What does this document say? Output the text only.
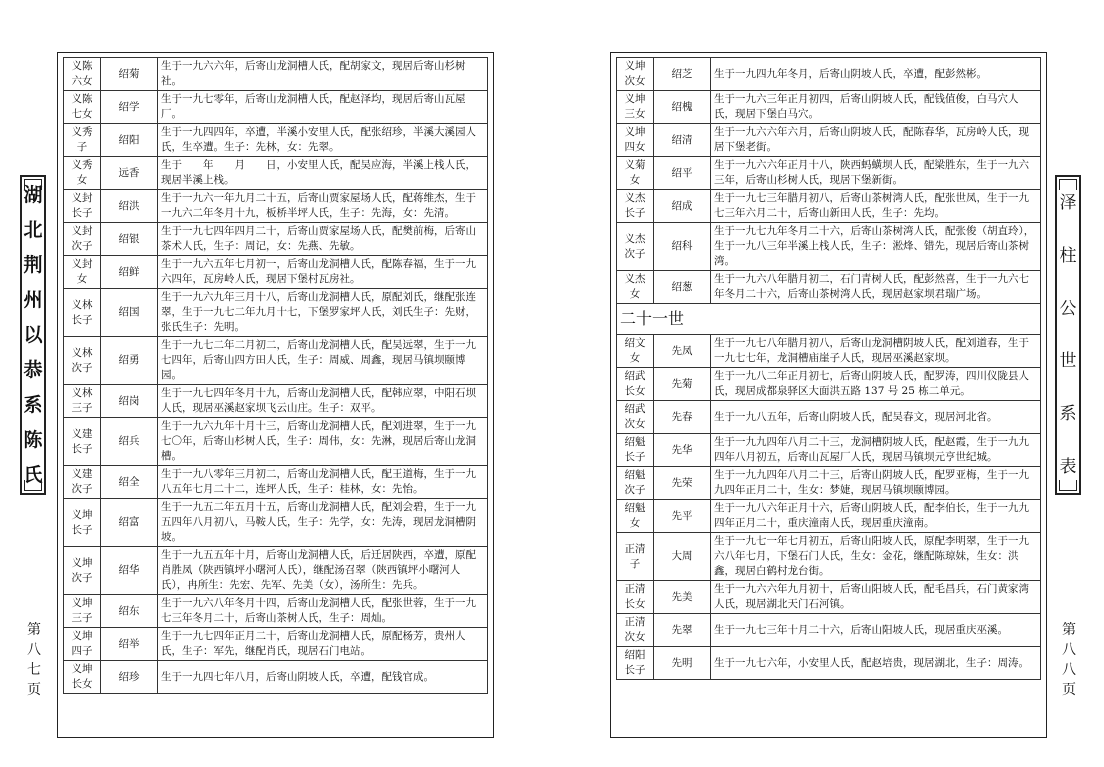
湖
北
荆
州
以
恭
系
陈
氏
泽
柱
公
世
系
表
第
八
七
页
第
八
八
页
义陈六女	绍菊	生于一九六六年，后寄山龙洞槽人氏，配胡家文，现居后寄山杉树社。
义陈七女	绍学	生于一九七零年，后寄山龙洞槽人氏，配赵泽均，现居后寄山瓦屋厂。
义秀子	绍阳	生于一九四四年，卒遭，半溪小安里人氏，配张绍珍，半溪大溪园人氏，生卒遭。生子：先林，女：先翠。
义秀女	远香	生于　　年　　月　　日，小安里人氏，配吴应海，半溪上栈人氏，现居半溪上栈。
义封长子	绍洪	生于一九六一年九月二十五，后寄山贾家屋场人氏，配蒋维杰，生于一九六二年冬月十九，板桥半坪人氏，生子：先海，女：先清。
义封次子	绍银	生于一九七四年四月二十，后寄山贾家屋场人氏，配樊前梅，后寄山茶术人氏，生子：周记，女：先燕、先敏。
义封女	绍鲜	生于一九六五年七月初一，后寄山龙洞槽人氏，配陈春福，生于一九六四年，瓦房岭人氏，现居下堡村瓦房社。
义林长子	绍国	生于一九六九年三月十八，后寄山龙洞槽人氏，原配刘氏，继配张连翠，生于一九七二年九月十七，下堡罗家坪人氏，刘氏生子：先财，张氏生子：先明。
义林次子	绍勇	生于一九七二年二月初二，后寄山龙洞槽人氏，配吴远翠，生于一九七四年，后寄山四方田人氏，生子：周威、周鑫，现居马镇坝颐博园。
义林三子	绍岗	生于一九七四年冬月十九，后寄山龙洞槽人氏，配韩应翠，中阳石坝人氏，现居巫溪赵家坝飞云山庄。生子：双平。
义建长子	绍兵	生于一九六九年十月十三，后寄山龙洞槽人氏，配刘进翠，生于一九七〇年，后寄山杉树人氏，生子：周伟，女：先淋，现居后寄山龙洞槽。
义建次子	绍全	生于一九八零年三月初二，后寄山龙洞槽人氏，配王道梅，生于一九八五年七月二十二，连坪人氏，生子：桂林，女：先怡。
义坤长子	绍富	生于一九五二年五月十五，后寄山龙洞槽人氏，配刘会碧，生于一九五四年八月初八，马鞍人氏，生子：先学，女：先涛，现居龙洞槽阴坡。
义坤次子	绍华	生于一九五五年十月，后寄山龙洞槽人氏，后迁居陕西，卒遭，原配肖胜凤（陕西镇坪小曙河人氏），继配汤召翠（陕西镇坪小曙河人氏），冉所生：先宏、先军、先美（女），汤所生：先兵。
义坤三子	绍东	生于一九六八年冬月十四，后寄山龙洞槽人氏，配张世蓉，生于一九七三年冬月二十，后寄山茶树人氏，生子：周灿。
义坤四子	绍举	生于一九七四年正月二十，后寄山龙洞槽人氏，原配杨芳，贵州人氏，生子：军先，继配肖氏，现居石门电站。
义坤长女	绍珍	生于一九四七年八月，后寄山阴坡人氏，卒遭，配钱官成。
义坤次女	绍芝	生于一九四九年冬月，后寄山阴坡人氏，卒遭，配彭然彬。
义坤三女	绍槐	生于一九六三年正月初四，后寄山阴坡人氏，配钱值俊，白马穴人氏，现居下堡白马穴。
义坤四女	绍清	生于一九六六年六月，后寄山阴坡人氏，配陈春华，瓦房岭人氏，现居下堡老街。
义菊女	绍平	生于一九六六年正月十八，陕西蚂蟥坝人氏，配梁胜东，生于一九六三年，后寄山杉树人氏，现居下堡新街。
义杰长子	绍成	生于一九七三年腊月初八，后寄山茶树湾人氏，配张世凤，生于一九七三年六月二十，后寄山新田人氏，生子：先均。
义杰次子	绍科	生于一九七九年冬月二十六，后寄山茶树湾人氏，配张俊（胡直玲），生于一九八三年半溪上栈人氏，生子：淞烽、错先，现居后寄山茶树湾。
义杰女	绍葱	生于一九六八年腊月初二，石门青树人氏，配彭然喜，生于一九六七年冬月二十六，后寄山茶树湾人氏，现居赵家坝君瑞广场。
二十一世
绍文女	先凤	生于一九七八年腊月初八，后寄山龙洞槽阴坡人氏，配刘道春，生于一九七七年，龙洞槽庙崖子人氏，现居巫溪赵家坝。
绍武长女	先菊	生于一九八二年正月初七，后寄山阴坡人氏，配罗涛，四川仪陇县人氏，现居成都泉驿区大面洪五路 137 号 25 栋二单元。
绍武次女	先春	生于一九八五年，后寄山阴坡人氏，配吴春文，现居河北省。
绍魁长子	先华	生于一九九四年八月二十三，龙洞槽阴坡人氏，配赵霞，生于一九九四年八月初五，后寄山瓦屋厂人氏，现居马镇坝元亨世纪城。
绍魁次子	先荣	生于一九九四年八月二十三，后寄山阴坡人氏，配罗亚梅，生于一九九四年正月二十，生女：梦婕，现居马镇坝颐博园。
绍魁女	先平	生于一九八六年正月十六，后寄山阴坡人氏，配李伯长，生于一九九四年正月二十，重庆潼南人氏，现居重庆潼南。
正清子	大周	生于一九七一年七月初五，后寄山阳坡人氏，原配李明翠，生于一九六八年七月，下堡石门人氏，生女：金花，继配陈琼妹，生女：洪鑫，现居白鹤村龙台街。
正清长女	先美	生于一九六六年九月初十，后寄山阳坡人氏，配毛昌兵，石门黄家湾人氏，现居湖北天门石河镇。
正清次女	先翠	生于一九七三年十月二十六，后寄山阳坡人氏，现居重庆巫溪。
绍阳长子	先明	生于一九七六年，小安里人氏，配赵培贵，现居湖北，生子：周涛。
